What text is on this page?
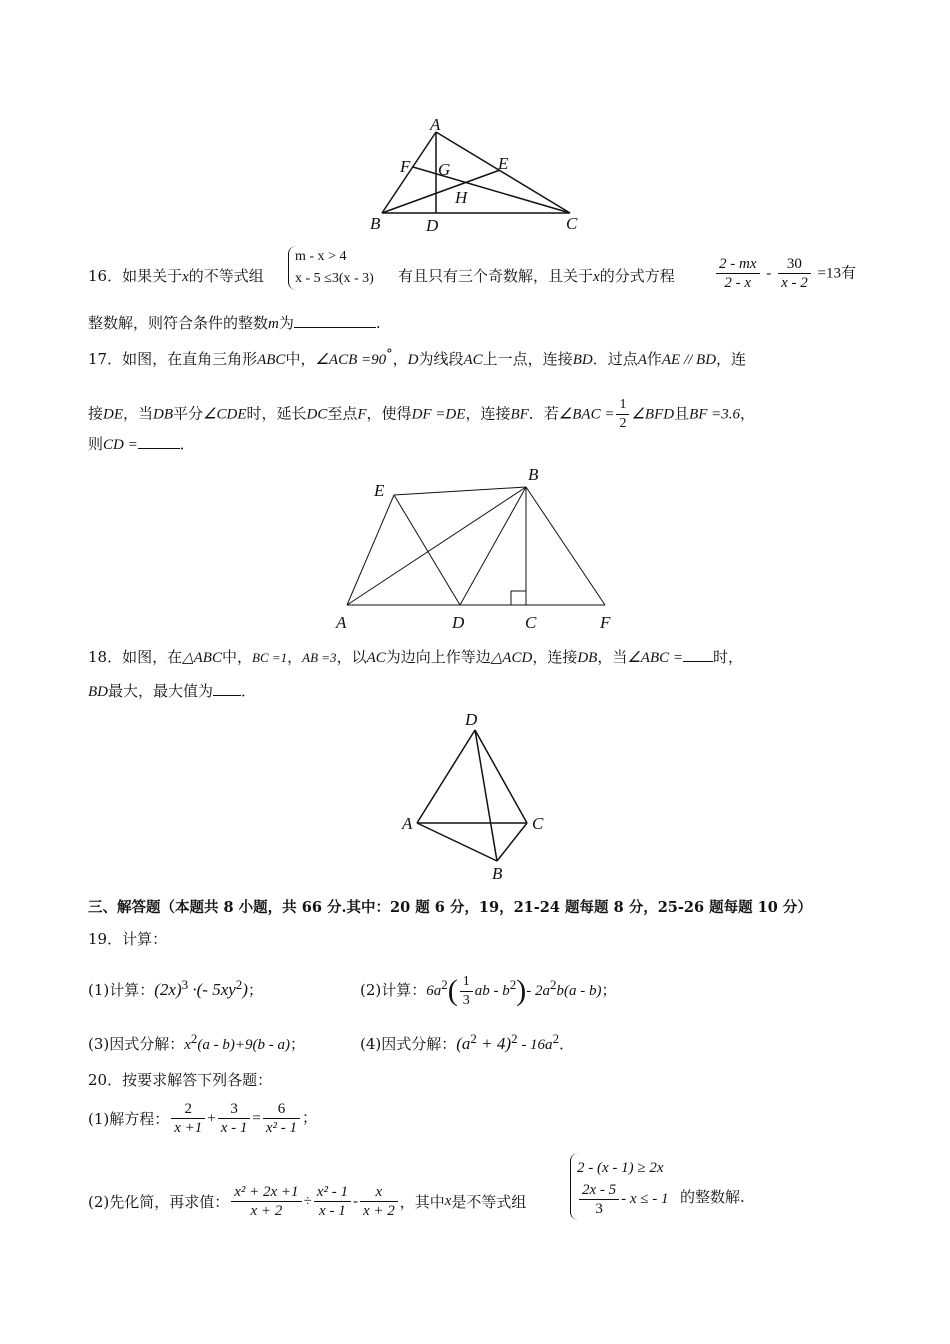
A
B	C
D
E
F G
H
16．如果关于x的不等式组
m - x > 4
x - 5 ≤3(x - 3) 有且只有三个奇数解，且关于x的分式方程	$\frac{2 - mx}{2 - x} - \frac{30}{x - 2} =13$有
整数解，则符合条件的整数m为	.
17．如图，在直角三角形ABC中，∠ACB =90°，D为线段AC上一点，连接BD．过点A作AE // BD，连
接DE，当DB平分∠CDE时，延长DC至点F，使得DF =DE，连接BF．若∠BAC = $\frac{1}{2}$ ∠BFD且BF =3.6，
则CD =	．
E
B
A	D	C	F
18．如图，在△ABC中，BC =1，AB =3，以AC为边向上作等边△ACD，连接DB，当∠ABC = 时，
BD最大，最大值为 ．
D
A	C
B
三、解答题（本题共 8 小题，共 66 分.其中：20 题 6 分，19，21-24 题每题 8 分，25-26 题每题 10 分）
19．计算：
(1)计算：$(2x)^3$ ·(- $5xy^2$)；	(2)计算：$6a^2( \frac{1}{3}$ ab - $b^2)-$ $2a^2b(a - b)$；
(3)因式分解：$x^2(a - b)+9(b - a)$；	(4)因式分解：$(a^2 + 4)^2 - 16a^2$．
20．按要求解答下列各题：
(1)解方程： $\frac{2}{x +1} + \frac{3}{x - 1} = \frac{6}{\text{x² - 1}}$ ；
(2)先化简，再求值： $\frac{\text{x² + 2x +1}}{x + 2} \div \frac{\text{x² - 1}}{x - 1} - \frac{x}{x + 2}$ ，其中x是不等式组
2 - (x - 1) ≥ 2x
$\frac{2x - 5}{3}$ - x ≤ - 1 的整数解.
